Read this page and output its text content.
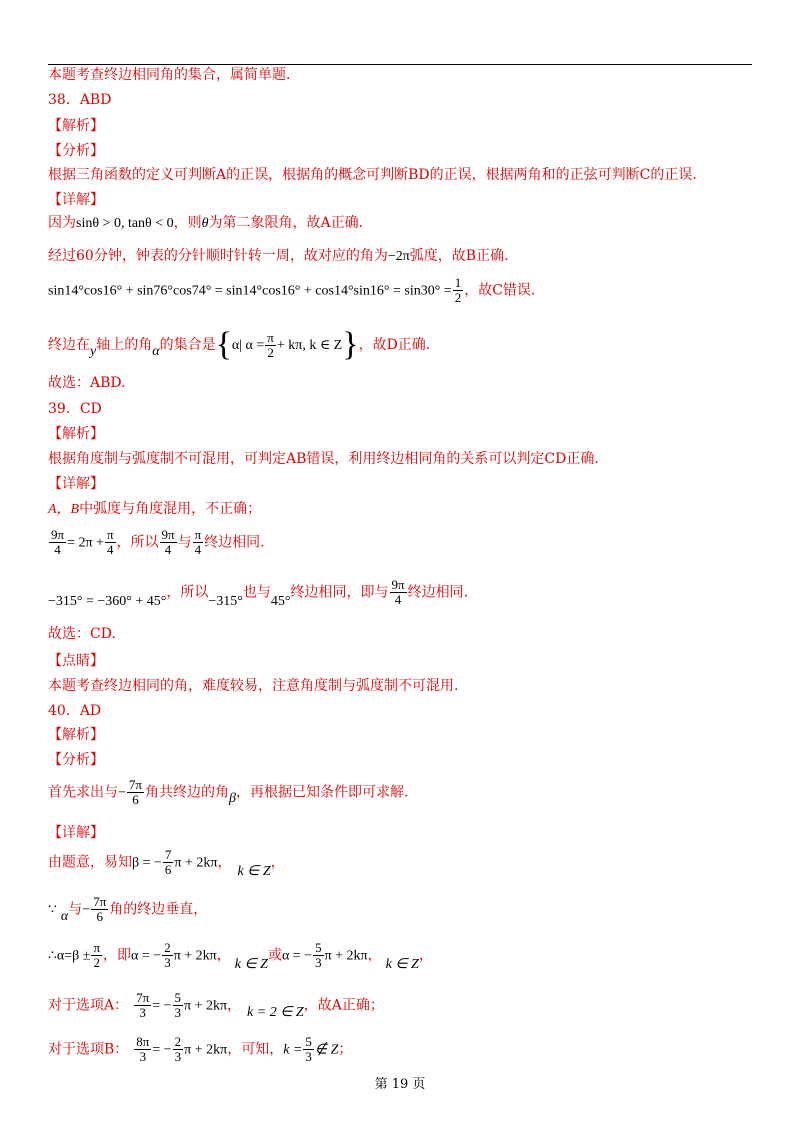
本题考查终边相同角的集合，属简单题.
38．ABD
【解析】
【分析】
根据三角函数的定义可判断A的正误，根据角的概念可判断BD的正误，根据两角和的正弦可判断C的正误.
【详解】
因为sinθ > 0, tanθ < 0，则θ为第二象限角，故A正确.
经过60分钟，钟表的分针顺时针转一周，故对应的角为−2π弧度，故B正确.
$\sin 14^\circ\cos 16^\circ + \sin 76^\circ\cos 74^\circ = \sin 14^\circ\cos 16^\circ + \cos 14^\circ\sin 16^\circ = \sin 30^\circ = \frac{1}{2}$ ，故C错误.
终边在y轴上的角α的集合是{α| $\alpha = \frac{\pi}{2} + k\pi$, k ∈ Z}，故D正确.
故选：ABD.
39．CD
【解析】
根据角度制与弧度制不可混用，可判定AB错误，利用终边相同角的关系可以判定CD正确.
【详解】
A，B中弧度与角度混用，不正确；
$\frac{9\pi}{4} = 2\pi + \frac{\pi}{4}$ ，所以 $\frac{9\pi}{4}$ 与 $\frac{\pi}{4}$ 终边相同.
−315° = −360° + 45°，所以−315°也与45°终边相同，即与 $\frac{9\pi}{4}$ 终边相同.
故选：CD.
【点睛】
本题考查终边相同的角，难度较易，注意角度制与弧度制不可混用.
40．AD
【解析】
【分析】
首先求出与− $\frac{7\pi}{6}$ 角共终边的角β，再根据已知条件即可求解.
【详解】
由题意，易知β = − $\frac{7}{6}$ π + 2kπ，k ∈ Z，
∵ α与− $\frac{7\pi}{6}$ 角的终边垂直，
∴α=β ± $\frac{\pi}{2}$ ，即α = − $\frac{2}{3}$ π + 2kπ，k ∈ Z或α = − $\frac{5}{3}$ π + 2kπ，k ∈ Z，
对于选项A： $\frac{7\pi}{3}$ = − $\frac{5}{3}$ π + 2kπ， k = 2 ∈ Z，故A正确；
对于选项B： $\frac{8\pi}{3}$ = − $\frac{2}{3}$ π + 2kπ，可知，$k = \frac{5}{3}$ ∉ Z；
第 19 页
